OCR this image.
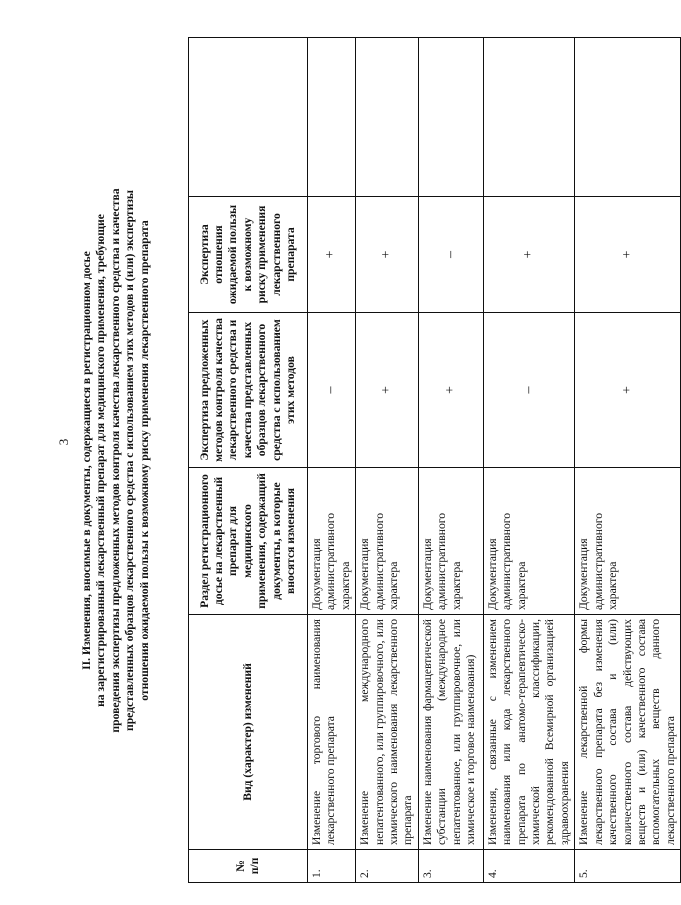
3 II. Изменения, вносимые в документы, содержащиеся в регистрационном досье на зарегистрированный лекарственный препарат для медицинского применения, требующие проведения экспертизы предложенных методов контроля качества лекарственного средства и качества представленных образцов лекарственного средства с использованием этих методов и (или) экспертизы отношения ожидаемой пользы к возможному риску применения лекарственного препарата
№ п/п	Вид (характер) изменений	Раздел регистрационного досье на лекарственный препарат для медицинского применения, содержащий документы, в которые вносятся изменения	Экспертиза предложенных методов контроля качества лекарственного средства и качества представленных образцов лекарственного средства с использованием этих методов	Экспертиза отношения ожидаемой пользы к возможному риску применения лекарственного препарата	
1.	Изменение торгового наименования лекарственного препарата	Документация административного характера	–	+	
2.	Изменение международного непатентованного, или группировочного, или химического наименования лекарственного препарата	Документация административного характера	+	+	
3.	Изменение наименования фармацевтической субстанции (международное непатентованное, или группировочное, или химическое и торговое наименования)	Документация административного характера	+	–	
4.	Изменения, связанные с изменением наименования или кода лекарственного препарата по анатомо-терапевтическо-химической классификации, рекомендованной Всемирной организацией здравоохранения	Документация административного характера	–	+	
5.	Изменение лекарственной формы лекарственного препарата без изменения качественного состава и (или) количественного состава действующих веществ и (или) качественного состава вспомогательных веществ данного лекарственного препарата	Документация административного характера	+	+	
